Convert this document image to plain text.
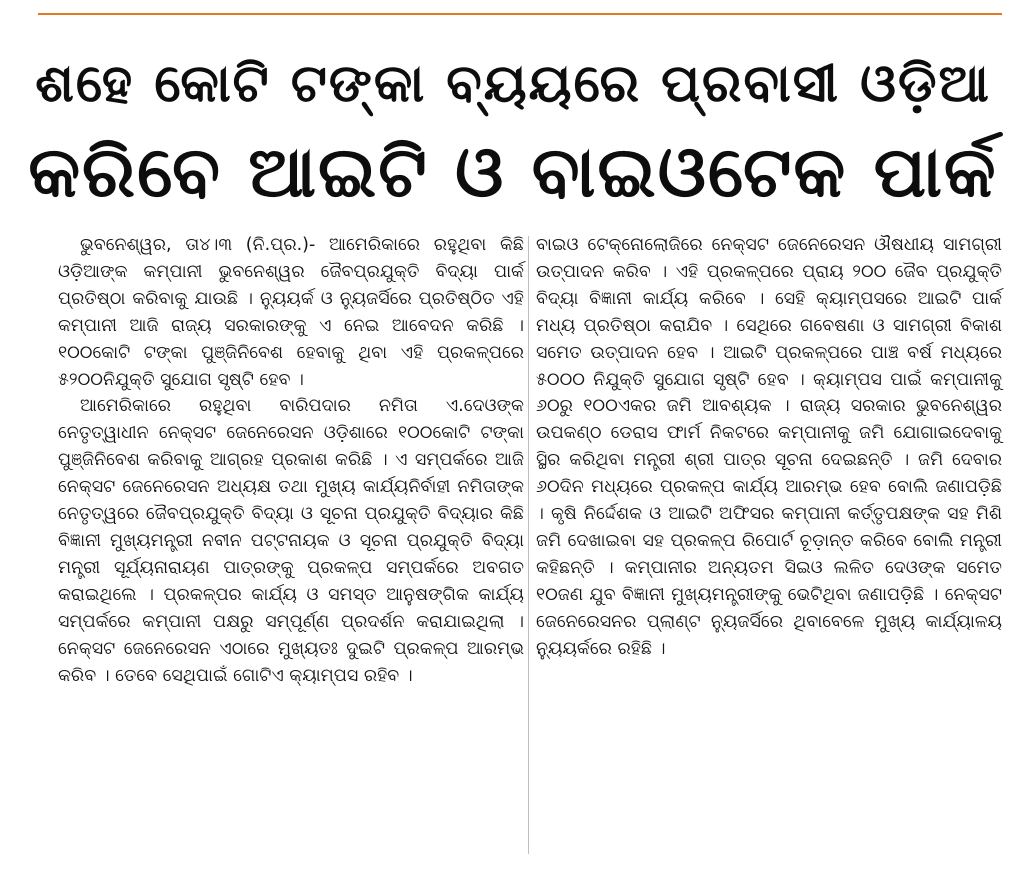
ଶହେ କୋଟି ଟଙ୍କା ବ୍ୟୟରେ ପ୍ରବାସୀ ଓଡ଼ିଆ
କରିବେ ଆଇଟି ଓ ବାଇଓଟେକ ପାର୍କ

ଭୁବନେଶ୍ୱର, ତା୪।୩ (ନି.ପ୍ର.)- ଆମେରିକାରେ ରହୁଥିବା କିଛି ଓଡ଼ିଆଙ୍କ କମ୍ପାନୀ ଭୁବନେଶ୍ୱର ଜୈବପ୍ରଯୁକ୍ତି ବିଦ୍ୟା ପାର୍କ ପ୍ରତିଷ୍ଠା କରିବାକୁ ଯାଉଛି । ନ୍ୟୁୟର୍କ ଓ ନ୍ୟୁଜର୍ସିରେ ପ୍ରତିଷ୍ଠିତ ଏହି କମ୍ପାନୀ ଆଜି ରାଜ୍ୟ ସରକାରଙ୍କୁ ଏ ନେଇ ଆବେଦନ କରିଛି । ୧୦୦କୋଟି ଟଙ୍କା ପୁଞ୍ଜିନିବେଶ ହେବାକୁ ଥିବା ଏହି ପ୍ରକଳ୍ପରେ ୫୨୦୦ନିଯୁକ୍ତି ସୁଯୋଗ ସୃଷ୍ଟି ହେବ ।

ଆମେରିକାରେ ରହୁଥିବା ବାରିପଦାର ନମିତା ଏ.ଦେଓଙ୍କ ନେତୃତ୍ୱାଧୀନ ନେକ୍ସଟ ଜେନେରେସନ ଓଡ଼ିଶାରେ ୧୦୦କୋଟି ଟଙ୍କା ପୁଞ୍ଜିନିବେଶ କରିବାକୁ ଆଗ୍ରହ ପ୍ରକାଶ କରିଛି । ଏ ସମ୍ପର୍କରେ ଆଜି ନେକ୍ସଟ ଜେନେରେସନ ଅଧ୍ୟକ୍ଷ ତଥା ମୁଖ୍ୟ କାର୍ଯ୍ୟନିର୍ବାହୀ ନମିତାଙ୍କ ନେତୃତ୍ୱରେ ଜୈବପ୍ରଯୁକ୍ତି ବିଦ୍ୟା ଓ ସୂଚନା ପ୍ରଯୁକ୍ତି ବିଦ୍ୟାର କିଛି ବିଜ୍ଞାନୀ ମୁଖ୍ୟମନ୍ତ୍ରୀ ନବୀନ ପଟ୍ଟନାୟକ ଓ ସୂଚନା ପ୍ରଯୁକ୍ତି ବିଦ୍ୟା ମନ୍ତ୍ରୀ ସୂର୍ଯ୍ୟନାରାୟଣ ପାତ୍ରଙ୍କୁ ପ୍ରକଳ୍ପ ସମ୍ପର୍କରେ ଅବଗତ କରାଇଥିଲେ । ପ୍ରକଳ୍ପର କାର୍ଯ୍ୟ ଓ ସମସ୍ତ ଆନୁଷଙ୍ଗିକ କାର୍ଯ୍ୟ ସମ୍ପର୍କରେ କମ୍ପାନୀ ପକ୍ଷରୁ ସମ୍ପୂର୍ଣ୍ଣ ପ୍ରଦର୍ଶନ କରାଯାଇଥିଲା । ନେକ୍ସଟ ଜେନେରେସନ ଏଠାରେ ମୁଖ୍ୟତଃ ଦୁଇଟି ପ୍ରକଳ୍ପ ଆରମ୍ଭ କରିବ । ତେବେ ସେଥିପାଇଁ ଗୋଟିଏ କ୍ୟାମ୍ପସ ରହିବ ।

ବାଇଓ ଟେକ୍ନୋଲୋଜିରେ ନେକ୍ସଟ ଜେନେରେସନ ଔଷଧୀୟ ସାମଗ୍ରୀ ଉତ୍ପାଦନ କରିବ । ଏହି ପ୍ରକଳ୍ପରେ ପ୍ରାୟ ୨୦୦ ଜୈବ ପ୍ରଯୁକ୍ତି ବିଦ୍ୟା ବିଜ୍ଞାନୀ କାର୍ଯ୍ୟ କରିବେ । ସେହି କ୍ୟାମ୍ପସରେ ଆଇଟି ପାର୍କ ମଧ୍ୟ ପ୍ରତିଷ୍ଠା କରାଯିବ । ସେଥିରେ ଗବେଷଣା ଓ ସାମଗ୍ରୀ ବିକାଶ ସମେତ ଉତ୍ପାଦନ ହେବ । ଆଇଟି ପ୍ରକଳ୍ପରେ ପାଞ୍ଚ ବର୍ଷ ମଧ୍ୟରେ ୫୦୦୦ ନିଯୁକ୍ତି ସୁଯୋଗ ସୃଷ୍ଟି ହେବ । କ୍ୟାମ୍ପସ ପାଇଁ କମ୍ପାନୀକୁ ୬୦ରୁ ୧୦୦ଏକର ଜମି ଆବଶ୍ୟକ । ରାଜ୍ୟ ସରକାର ଭୁବନେଶ୍ୱର ଉପକଣ୍ଠ ଡେରାସ ଫାର୍ମ ନିକଟରେ କମ୍ପାନୀକୁ ଜମି ଯୋଗାଇଦେବାକୁ ସ୍ଥିର କରିଥିବା ମନ୍ତ୍ରୀ ଶ୍ରୀ ପାତ୍ର ସୂଚନା ଦେଇଛନ୍ତି । ଜମି ଦେବାର ୬୦ଦିନ ମଧ୍ୟରେ ପ୍ରକଳ୍ପ କାର୍ଯ୍ୟ ଆରମ୍ଭ ହେବ ବୋଲି ଜଣାପଡ଼ିଛି । କୃଷି ନିର୍ଦ୍ଦେଶକ ଓ ଆଇଟି ଅଫିସର କମ୍ପାନୀ କର୍ତ୍ତୃପକ୍ଷଙ୍କ ସହ ମିଶି ଜମି ଦେଖାଇବା ସହ ପ୍ରକଳ୍ପ ରିପୋର୍ଟ ଚୂଡ଼ାନ୍ତ କରିବେ ବୋଲି ମନ୍ତ୍ରୀ କହିଛନ୍ତି । କମ୍ପାନୀର ଅନ୍ୟତମ ସିଇଓ ଲଳିତ ଦେଓଙ୍କ ସମେତ ୧୦ଜଣ ଯୁବ ବିଜ୍ଞାନୀ ମୁଖ୍ୟମନ୍ତ୍ରୀଙ୍କୁ ଭେଟିଥିବା ଜଣାପଡ଼ିଛି । ନେକ୍ସଟ ଜେନେରେସନର ପ୍ଲାଣ୍ଟ ନ୍ୟୁଜର୍ସିରେ ଥିବାବେଳେ ମୁଖ୍ୟ କାର୍ଯ୍ୟାଳୟ ନ୍ୟୁୟର୍କରେ ରହିଛି ।
